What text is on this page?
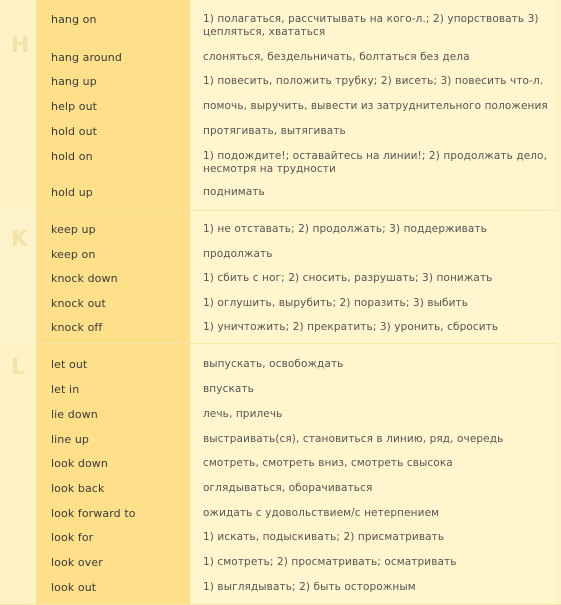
H
K
L
hang on	1) полагаться, рассчитывать на кого-л.; 2) упорствовать 3) цепляться, хвататься
hang around	слоняться, бездельничать, болтаться без дела
hang up	1) повесить, положить трубку; 2) висеть; 3) повесить что-л.
help out	помочь, выручить, вывести из затруднительного положения
hold out	протягивать, вытягивать
hold on	1) подождите!; оставайтесь на линии!; 2) продолжать дело, несмотря на трудности
hold up	поднимать
keep up	1) не отставать; 2) продолжать; 3) поддерживать
keep on	продолжать
knock down	1) сбить с ног; 2) сносить, разрушать; 3) понижать
knock out	1) оглушить, вырубить; 2) поразить; 3) выбить
knock off	1) уничтожить; 2) прекратить; 3) уронить, сбросить
let out	выпускать, освобождать
let in	впускать
lie down	лечь, прилечь
line up	выстраивать(ся), становиться в линию, ряд, очередь
look down	смотреть, смотреть вниз, смотреть свысока
look back	оглядываться, оборачиваться
look forward to	ожидать с удовольствием/с нетерпением
look for	1) искать, подыскивать; 2) присматривать
look over	1) смотреть; 2) просматривать; осматривать
look out	1) выглядывать; 2) быть осторожным
